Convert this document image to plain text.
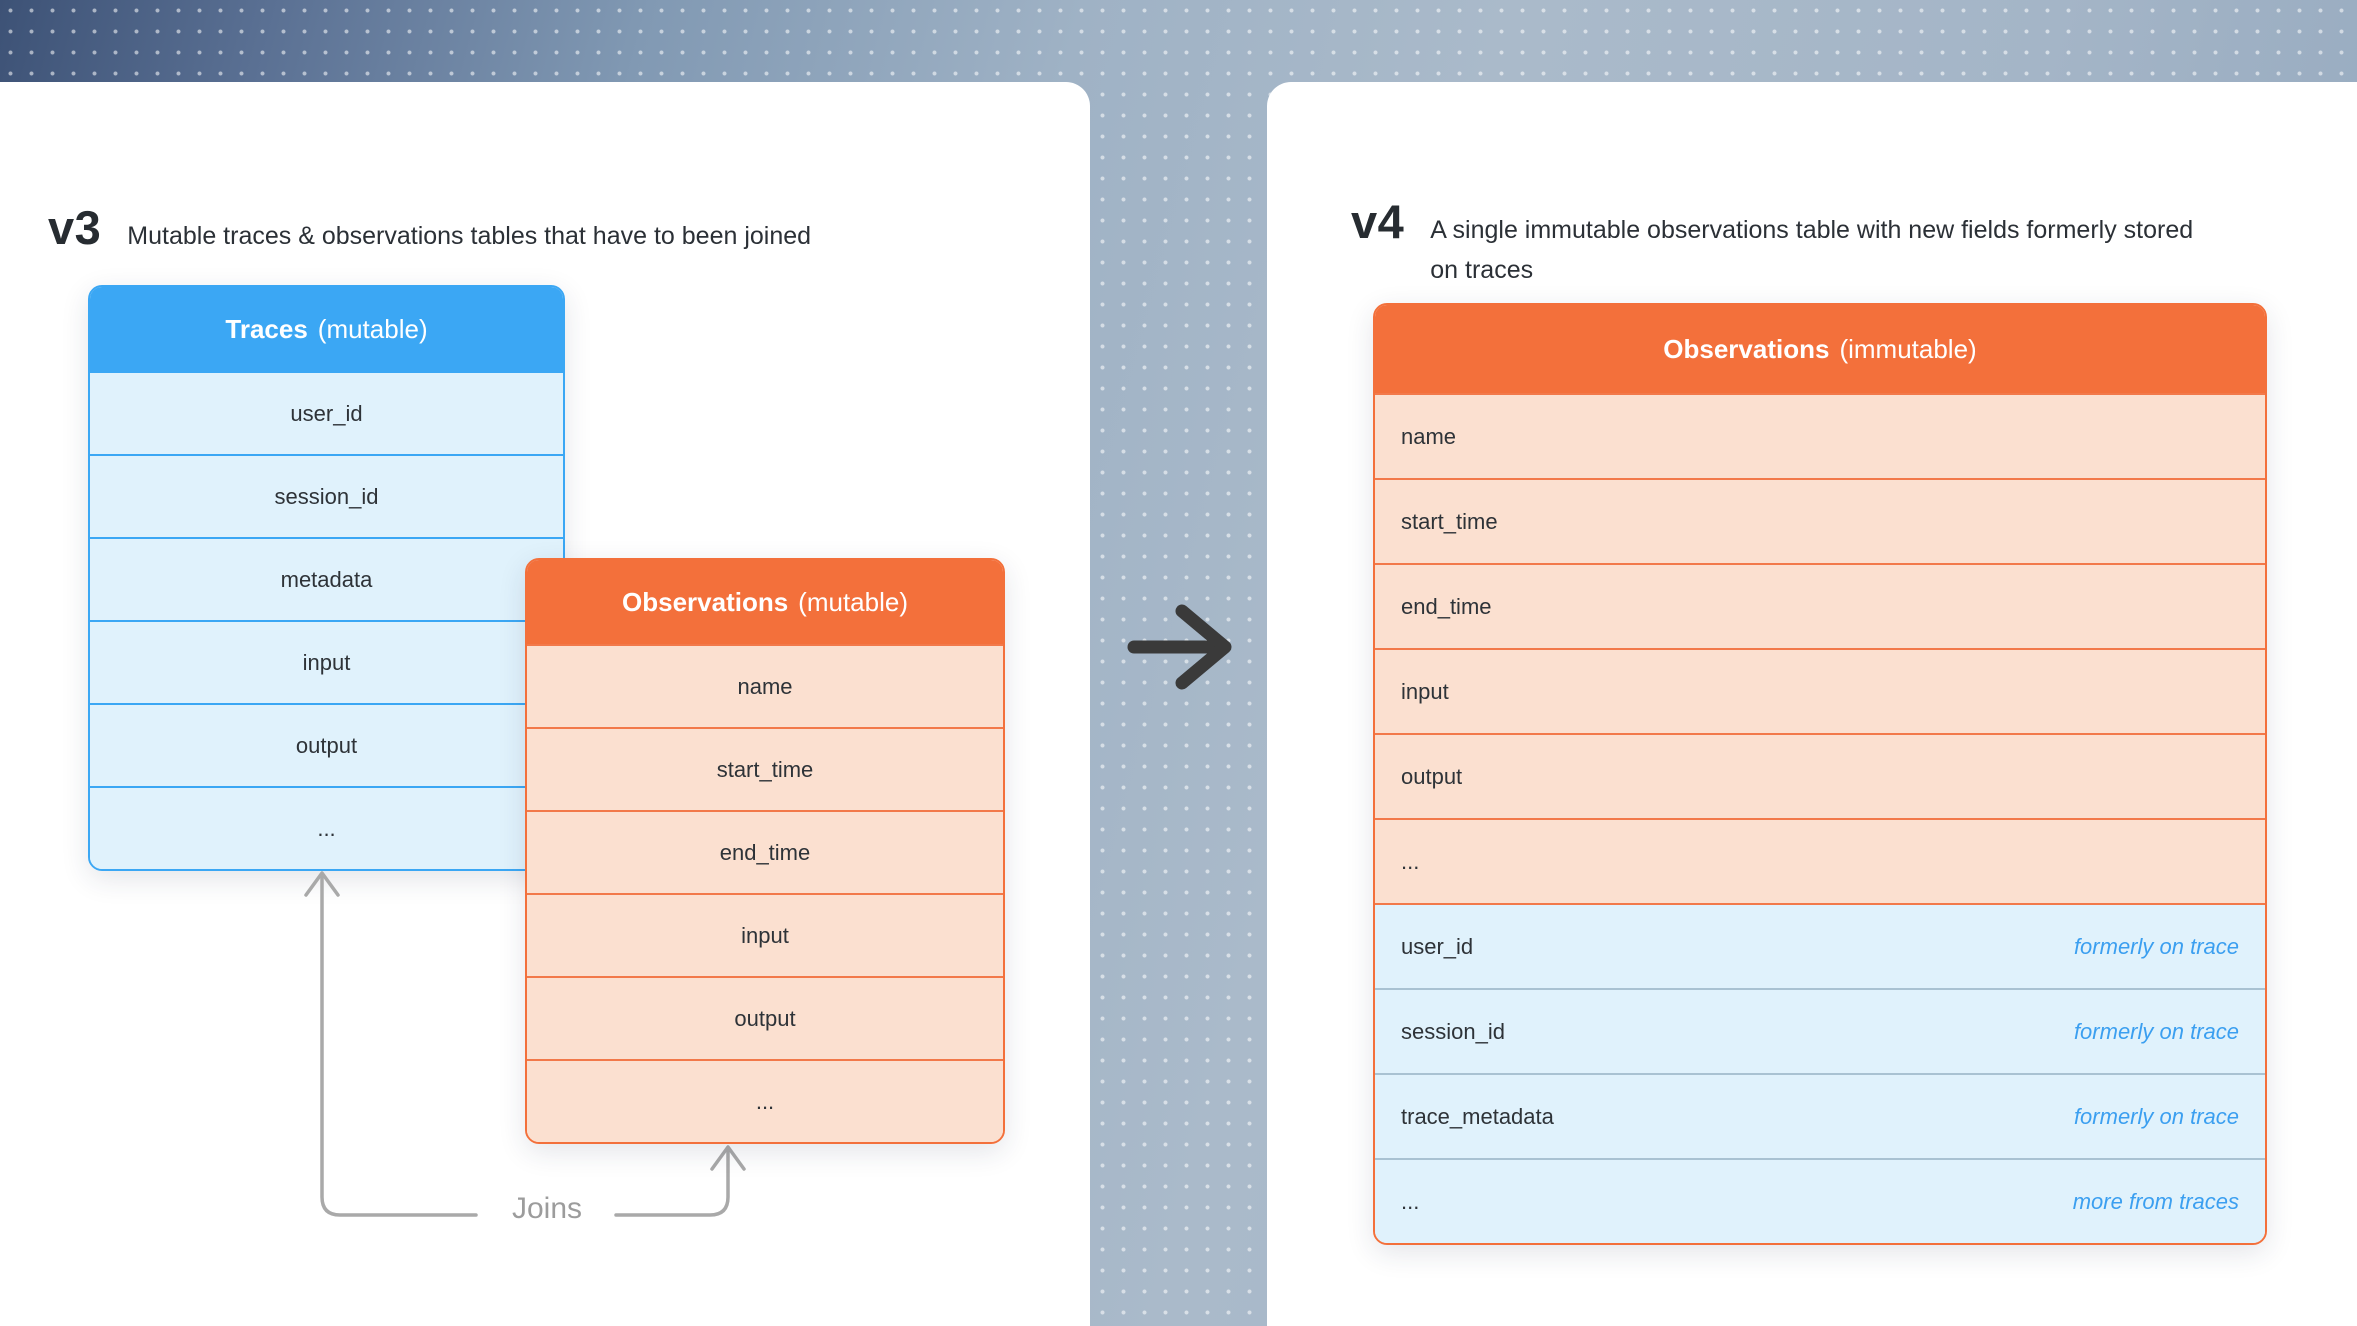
v3 Mutable traces & observations tables that have to been joined
Traces (mutable)
user_id
session_id
metadata
input
output
...
Joins
Observations (mutable)
name
start_time
end_time
input
output
...
v4 A single immutable observations table with new fields formerly stored on traces
Observations (immutable)
name
start_time
end_time
input
output
...
user_id	formerly on trace
session_id	formerly on trace
trace_metadata	formerly on trace
...	more from traces
